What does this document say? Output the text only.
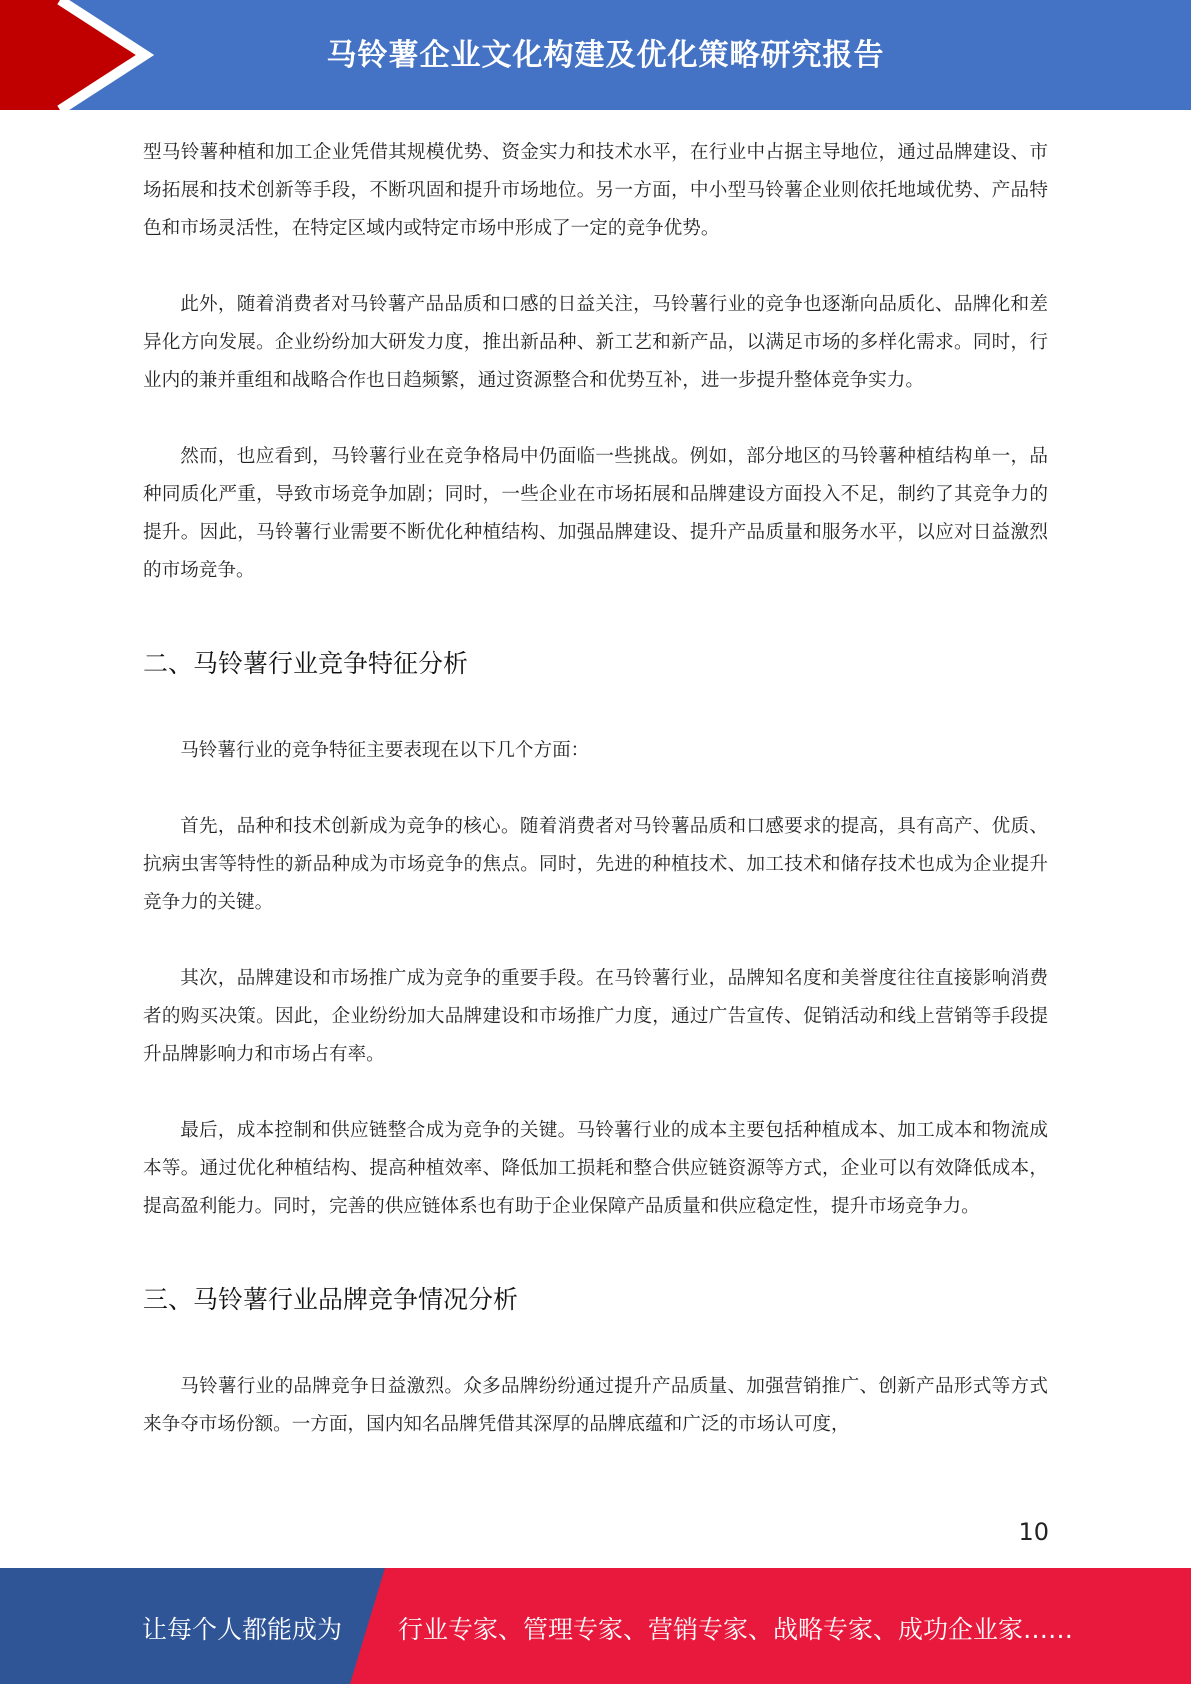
马铃薯企业文化构建及优化策略研究报告

型马铃薯种植和加工企业凭借其规模优势、资金实力和技术水平，在行业中占据主导地位，通过品牌建设、市场拓展和技术创新等手段，不断巩固和提升市场地位。另一方面，中小型马铃薯企业则依托地域优势、产品特色和市场灵活性，在特定区域内或特定市场中形成了一定的竞争优势。

此外，随着消费者对马铃薯产品品质和口感的日益关注，马铃薯行业的竞争也逐渐向品质化、品牌化和差异化方向发展。企业纷纷加大研发力度，推出新品种、新工艺和新产品，以满足市场的多样化需求。同时，行业内的兼并重组和战略合作也日趋频繁，通过资源整合和优势互补，进一步提升整体竞争实力。

然而，也应看到，马铃薯行业在竞争格局中仍面临一些挑战。例如，部分地区的马铃薯种植结构单一，品种同质化严重，导致市场竞争加剧；同时，一些企业在市场拓展和品牌建设方面投入不足，制约了其竞争力的提升。因此，马铃薯行业需要不断优化种植结构、加强品牌建设、提升产品质量和服务水平，以应对日益激烈的市场竞争。

二、马铃薯行业竞争特征分析

马铃薯行业的竞争特征主要表现在以下几个方面：

首先，品种和技术创新成为竞争的核心。随着消费者对马铃薯品质和口感要求的提高，具有高产、优质、抗病虫害等特性的新品种成为市场竞争的焦点。同时，先进的种植技术、加工技术和储存技术也成为企业提升竞争力的关键。

其次，品牌建设和市场推广成为竞争的重要手段。在马铃薯行业，品牌知名度和美誉度往往直接影响消费者的购买决策。因此，企业纷纷加大品牌建设和市场推广力度，通过广告宣传、促销活动和线上营销等手段提升品牌影响力和市场占有率。

最后，成本控制和供应链整合成为竞争的关键。马铃薯行业的成本主要包括种植成本、加工成本和物流成本等。通过优化种植结构、提高种植效率、降低加工损耗和整合供应链资源等方式，企业可以有效降低成本，提高盈利能力。同时，完善的供应链体系也有助于企业保障产品质量和供应稳定性，提升市场竞争力。

三、马铃薯行业品牌竞争情况分析

马铃薯行业的品牌竞争日益激烈。众多品牌纷纷通过提升产品质量、加强营销推广、创新产品形式等方式来争夺市场份额。一方面，国内知名品牌凭借其深厚的品牌底蕴和广泛的市场认可度，

10
让每个人都能成为 行业专家、管理专家、营销专家、战略专家、成功企业家……
